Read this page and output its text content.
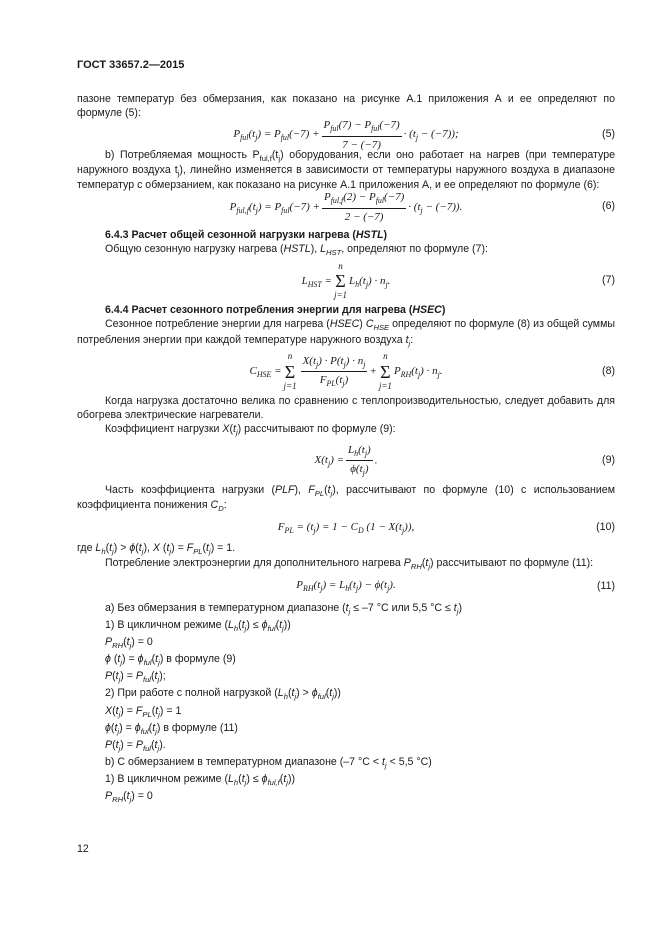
ГОСТ 33657.2—2015

пазоне температур без обмерзания, как показано на рисунке А.1 приложения А и ее определяют по формуле (5):

$P_{ful}(t_j) = P_{ful}(-7) + \frac{P_{ful}(7) - P_{ful}(-7)}{7 - (-7)} \cdot (t_j - (-7))$;	(5)

b) Потребляемая мощность $P_{ful,f}(t_j)$ оборудования, если оно работает на нагрев (при температуре наружного воздуха $t_j$), линейно изменяется в зависимости от температуры наружного воздуха в диапазоне температур с обмерзанием, как показано на рисунке А.1 приложения А, и ее определяют по формуле (6):

$P_{ful,f}(t_j) = P_{ful}(-7) + \frac{P_{ful,f}(2) - P_{ful}(-7)}{2 - (-7)} \cdot (t_j - (-7))$.	(6)

6.4.3 Расчет общей сезонной нагрузки нагрева (HSTL)

Общую сезонную нагрузку нагрева (HSTL), $L_{HST}$, определяют по формуле (7):

$L_{HST}$ =
n
Σ
j=1
$L_h(t_j) \cdot n_j$.	(7)

6.4.4 Расчет сезонного потребления энергии для нагрева (HSEC)

Сезонное потребление энергии для нагрева (HSEC) $C_{HSE}$ определяют по формуле (8) из общей суммы потребления энергии при каждой температуре наружного воздуха $t_j$:

$C_{HSE}$ =
n
Σ
$j=1 \frac{X(t_j) \cdot P(t_j) \cdot n_j}{F_{PL}(t_j)}$ +
n
Σ
j=1
$P_{RH}(t_j) \cdot n_j$.	(8)

Когда нагрузка достаточно велика по сравнению с теплопроизводительностью, следует добавить для обогрева электрические нагреватели.

Коэффициент нагрузки $X(t_j)$ рассчитывают по формуле (9):

$X(t_j) = \frac{L_h(t_j)}{\phi(t_j)}$ .	(9)

Часть коэффициента нагрузки (PLF), $F_{PL}(t_j)$, рассчитывают по формуле (10) с использованием коэффициента понижения $C_D$:

$F_{PL} = (t_j) = 1 - C_D$ $(1 - X(t_j))$,	(10)

где $L_h(t_j) > \phi(t_j)$, X $(t_j) = F_{PL}(t_j) = 1$.

Потребление электроэнергии для дополнительного нагрева $P_{RH}(t_j)$ рассчитывают по формуле (11):

$P_{RH}(t_j) = L_h(t_j) - \phi(t_j)$.	(11)

a) Без обмерзания в температурном диапазоне ($t_j \le -7$ °С или 5,5 $^\circ С \le t_j$)

1) В цикличном режиме $(L_h(t_j) \le \phi_{ful}(t_j))$

$P_{RH}(t_j) = 0$

ϕ $(t_j) = \phi_{ful}(t_j)$ в формуле (9)

$P(t_j) = P_{ful}(t_j)$;

2) При работе с полной нагрузкой $(L_h(t_j) > \phi_{ful}(t_j))$

$X(t_j) = F_{PL}(t_j) = 1$

$\phi(t_j) = \phi_{ful}(t_j)$ в формуле (11)

$P(t_j) = P_{ful}(t_j)$.

b) С обмерзанием в температурном диапазоне (–7 $^\circ С < t_j < 5,5$ °С)

1) В цикличном режиме $(L_h(t_j) \le \phi_{ful,f}(t_j))$

$P_{RH}(t_j) = 0$

12
